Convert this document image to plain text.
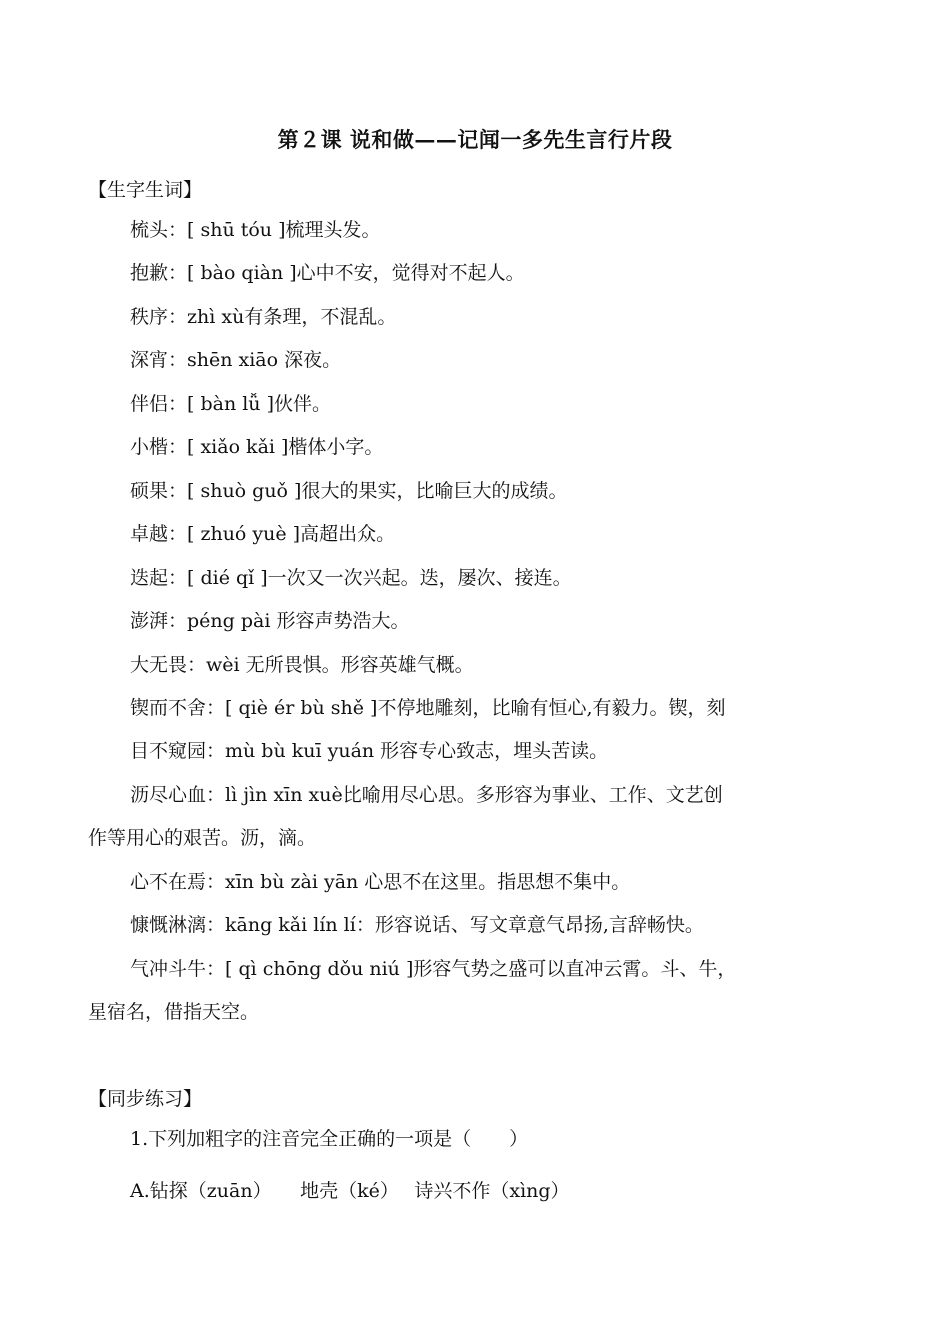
第２课 说和做——记闻一多先生言行片段
【生字生词】
梳头：[ shū tóu ]梳理头发。
抱歉：[ bào qiàn ]心中不安，觉得对不起人。
秩序：zhì xù有条理，不混乱。
深宵：shēn xiāo 深夜。
伴侣：[ bàn lǚ ]伙伴。
小楷：[ xiǎo kǎi ]楷体小字。
硕果：[ shuò guǒ ]很大的果实，比喻巨大的成绩。
卓越：[ zhuó yuè ]高超出众。
迭起：[ dié qǐ ]一次又一次兴起。迭，屡次、接连。
澎湃：péng pài 形容声势浩大。
大无畏：wèi 无所畏惧。形容英雄气概。
锲而不舍：[ qiè ér bù shě ]不停地雕刻，比喻有恒心,有毅力。锲，刻
目不窥园：mù bù kuī yuán 形容专心致志，埋头苦读。
沥尽心血：lì jìn xīn xuè比喻用尽心思。多形容为事业、工作、文艺创
作等用心的艰苦。沥，滴。
心不在焉：xīn bù zài yān 心思不在这里。指思想不集中。
慷慨淋漓：kāng kǎi lín lí：形容说话、写文章意气昂扬,言辞畅快。
气冲斗牛：[ qì chōng dǒu niú ]形容气势之盛可以直冲云霄。斗、牛，
星宿名，借指天空。
【同步练习】
1.下列加粗字的注音完全正确的一项是（　　）
A.钻探（zuān）　　地壳（ké）　 诗兴不作（xìng）
